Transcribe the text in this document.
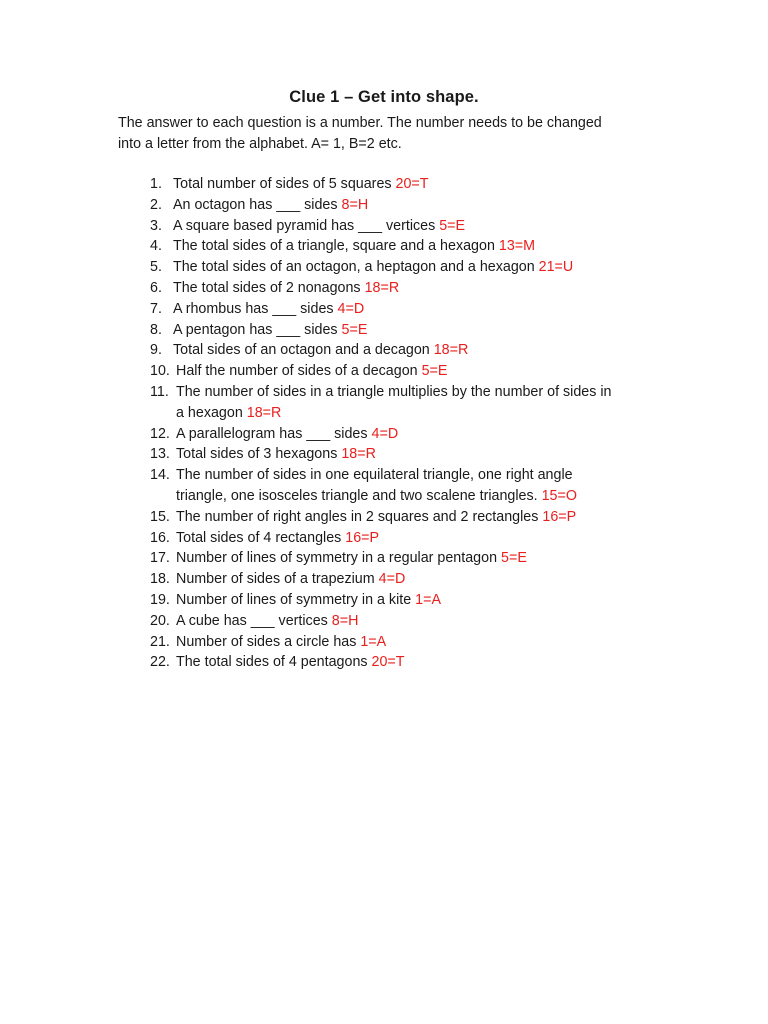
Clue 1 – Get into shape.
The answer to each question is a number. The number needs to be changed
into a letter from the alphabet. A= 1, B=2 etc.
1. Total number of sides of 5 squares 20=T
2. An octagon has ___ sides 8=H
3. A square based pyramid has ___ vertices 5=E
4. The total sides of a triangle, square and a hexagon 13=M
5. The total sides of an octagon, a heptagon and a hexagon 21=U
6. The total sides of 2 nonagons 18=R
7. A rhombus has ___ sides 4=D
8. A pentagon has ___ sides 5=E
9. Total sides of an octagon and a decagon 18=R
10. Half the number of sides of a decagon 5=E
11. The number of sides in a triangle multiplies by the number of sides in
a hexagon 18=R
12. A parallelogram has ___ sides 4=D
13. Total sides of 3 hexagons 18=R
14. The number of sides in one equilateral triangle, one right angle
triangle, one isosceles triangle and two scalene triangles. 15=O
15. The number of right angles in 2 squares and 2 rectangles 16=P
16. Total sides of 4 rectangles 16=P
17. Number of lines of symmetry in a regular pentagon 5=E
18. Number of sides of a trapezium 4=D
19. Number of lines of symmetry in a kite 1=A
20. A cube has ___ vertices 8=H
21. Number of sides a circle has 1=A
22. The total sides of 4 pentagons 20=T
